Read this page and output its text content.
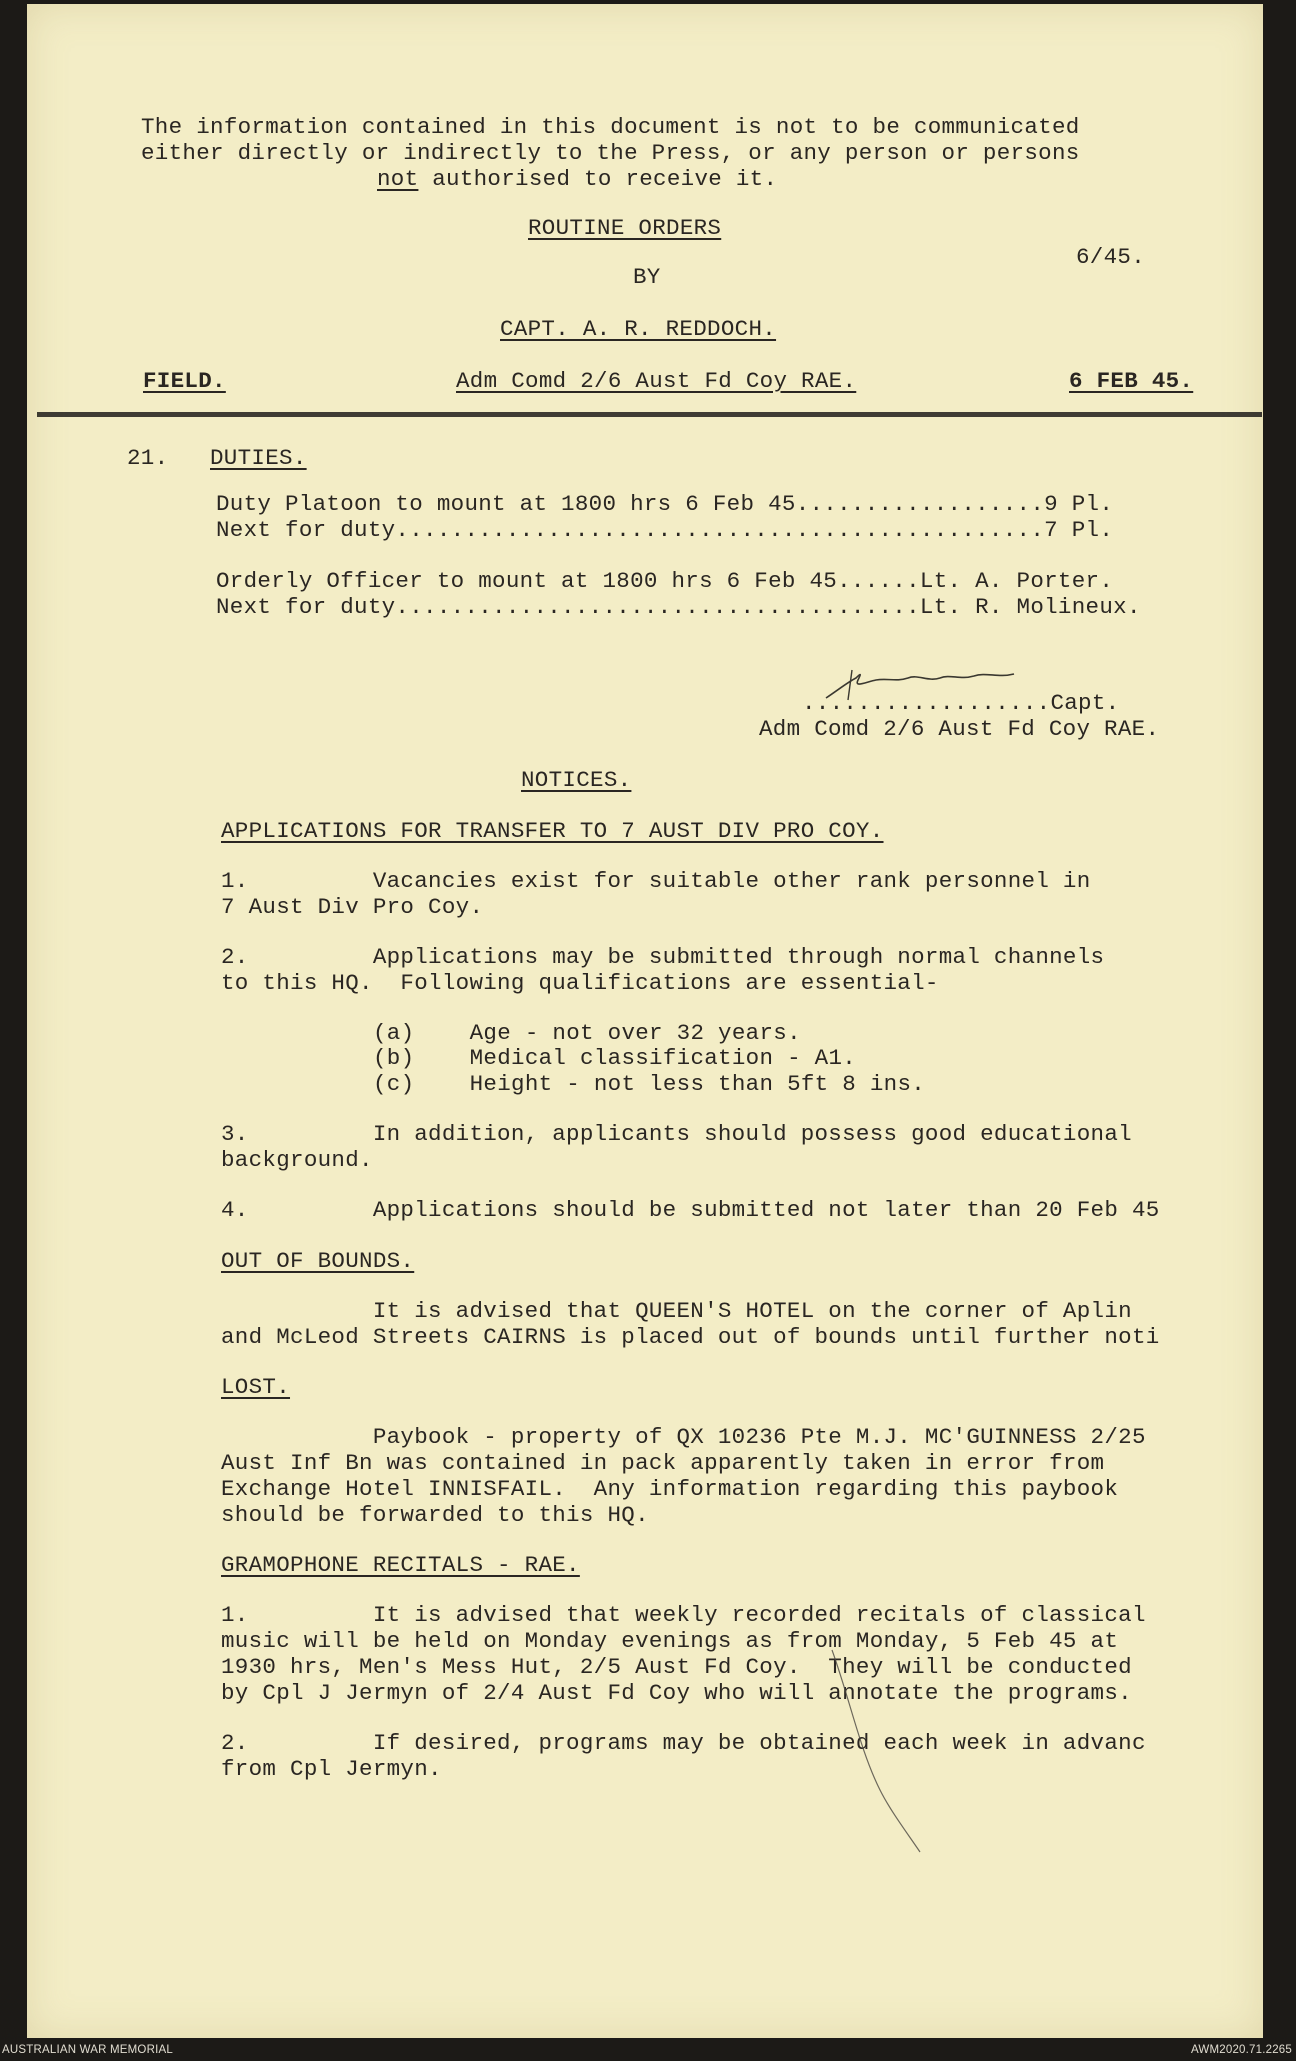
The information contained in this document is not to be communicated
either directly or indirectly to the Press, or any person or persons
not authorised to receive it.
ROUTINE ORDERS
6/45.
BY
CAPT. A. R. REDDOCH.
FIELD.	Adm Comd 2/6 Aust Fd Coy RAE.	6 FEB 45.
21. DUTIES.
Duty Platoon to mount at 1800 hrs 6 Feb 45..................9 Pl.
Next for duty...............................................7 Pl.
Orderly Officer to mount at 1800 hrs 6 Feb 45......Lt. A. Porter.
Next for duty......................................Lt. R. Molineux.
..................Capt.
Adm Comd 2/6 Aust Fd Coy RAE.
NOTICES.
APPLICATIONS FOR TRANSFER TO 7 AUST DIV PRO COY.
1.         Vacancies exist for suitable other rank personnel in
7 Aust Div Pro Coy.
2.         Applications may be submitted through normal channels
to this HQ.  Following qualifications are essential-
(a)    Age - not over 32 years.
(b)    Medical classification - A1.
(c)    Height - not less than 5ft 8 ins.
3.         In addition, applicants should possess good educational
background.
4.         Applications should be submitted not later than 20 Feb 45
OUT OF BOUNDS.
It is advised that QUEEN'S HOTEL on the corner of Aplin
and McLeod Streets CAIRNS is placed out of bounds until further noti
LOST.
Paybook - property of QX 10236 Pte M.J. MC'GUINNESS 2/25
Aust Inf Bn was contained in pack apparently taken in error from
Exchange Hotel INNISFAIL.  Any information regarding this paybook
should be forwarded to this HQ.
GRAMOPHONE RECITALS - RAE.
1.         It is advised that weekly recorded recitals of classical
music will be held on Monday evenings as from Monday, 5 Feb 45 at
1930 hrs, Men's Mess Hut, 2/5 Aust Fd Coy.  They will be conducted
by Cpl J Jermyn of 2/4 Aust Fd Coy who will annotate the programs.
2.         If desired, programs may be obtained each week in advanc
from Cpl Jermyn.
AUSTRALIAN WAR MEMORIAL	AWM2020.71.2265
